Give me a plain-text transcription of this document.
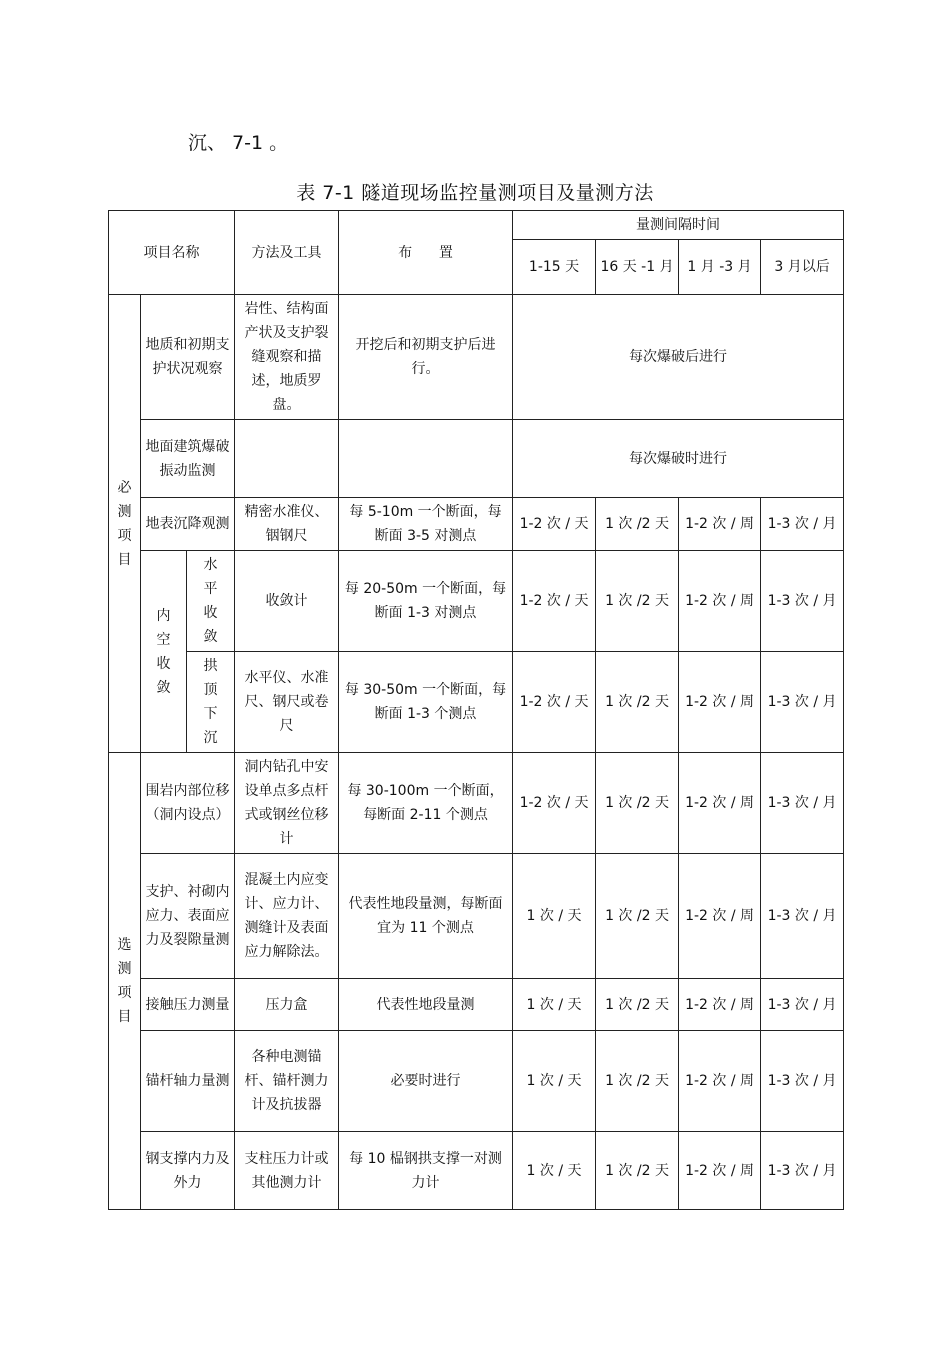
沉、 7-1 。
表 7-1 隧道现场监控量测项目及量测方法
项目名称			方法及工具	布      置	量测间隔时间			
					1-15 天	16 天 -1 月	1 月 -3 月	3 月以后
必测项目	地质和初期支护状况观察		岩性、结构面产状及支护裂缝观察和描述，地质罗盘。	开挖后和初期支护后进行。	每次爆破后进行			
	地面建筑爆破振动监测				每次爆破时进行			
	地表沉降观测		精密水准仪、铟钢尺	每 5-10m 一个断面，每断面 3-5 对测点	1-2 次 / 天	1 次 /2 天	1-2 次 / 周	1-3 次 / 月
	内空收敛	水平收敛	收敛计	每 20-50m 一个断面，每断面 1-3 对测点	1-2 次 / 天	1 次 /2 天	1-2 次 / 周	1-3 次 / 月
		拱顶下沉	水平仪、水准尺、钢尺或卷尺	每 30-50m 一个断面，每断面 1-3 个测点	1-2 次 / 天	1 次 /2 天	1-2 次 / 周	1-3 次 / 月
选测项目	围岩内部位移（洞内设点）		洞内钻孔中安设单点多点杆式或钢丝位移计	每 30-100m 一个断面，每断面 2-11 个测点	1-2 次 / 天	1 次 /2 天	1-2 次 / 周	1-3 次 / 月
	支护、衬砌内应力、表面应力及裂隙量测		混凝土内应变计、应力计、测缝计及表面应力解除法。	代表性地段量测，每断面宜为 11 个测点	1 次 / 天	1 次 /2 天	1-2 次 / 周	1-3 次 / 月
	接触压力测量		压力盒	代表性地段量测	1 次 / 天	1 次 /2 天	1-2 次 / 周	1-3 次 / 月
	锚杆轴力量测		各种电测锚杆、锚杆测力计及抗拔器	必要时进行	1 次 / 天	1 次 /2 天	1-2 次 / 周	1-3 次 / 月
	钢支撑内力及外力		支柱压力计或其他测力计	每 10 榀钢拱支撑一对测力计	1 次 / 天	1 次 /2 天	1-2 次 / 周	1-3 次 / 月
